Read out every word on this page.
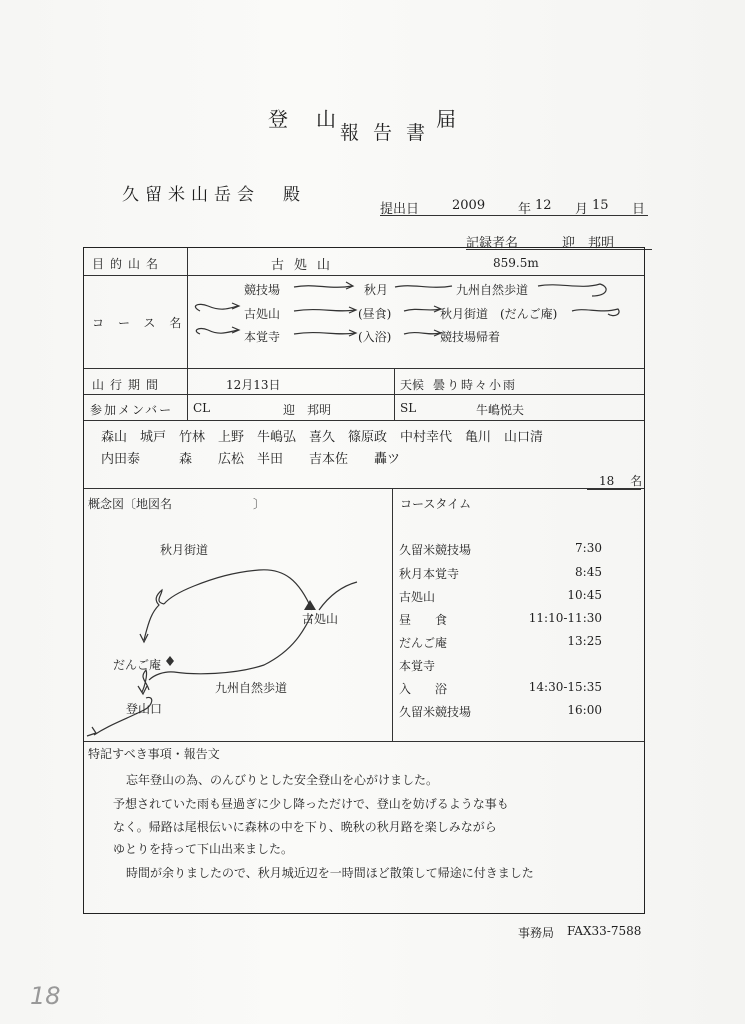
登山
報告書
届
久留米山岳会　殿
提出日	2009	年 12 月 15 日
記録者名	迎　邦明
目的山名	古処山	859.5m
コース名
競技場	秋月	九州自然歩道
古処山	(昼食)	秋月街道　(だんご庵)
本覚寺	(入浴)	競技場帰着
山行期間	12月13日	天候 曇り時々小雨
参加メンバー CL	迎　邦明	SL	牛嶋悦夫
森山　城戸　竹林　上野　牛嶋弘　喜久　篠原政　中村幸代　亀川　山口清
内田泰　　　森　　広松　半田　　吉本佐　　轟ツ
18 名
概念図〔地図名	〕
秋月街道
古処山
だんご庵
九州自然歩道
登山口
コースタイム
久留米競技場	7:30
秋月本覚寺	8:45
古処山	10:45
昼　　食	11:10-11:30
だんご庵	13:25
本覚寺
入　　浴	14:30-15:35
久留米競技場	16:00
特記すべき事項・報告文
忘年登山の為、のんびりとした安全登山を心がけました。
予想されていた雨も昼過ぎに少し降っただけで、登山を妨げるような事も
なく。帰路は尾根伝いに森林の中を下り、晩秋の秋月路を楽しみながら
ゆとりを持って下山出来ました。
時間が余りましたので、秋月城近辺を一時間ほど散策して帰途に付きました
事務局 FAX33-7588
18
